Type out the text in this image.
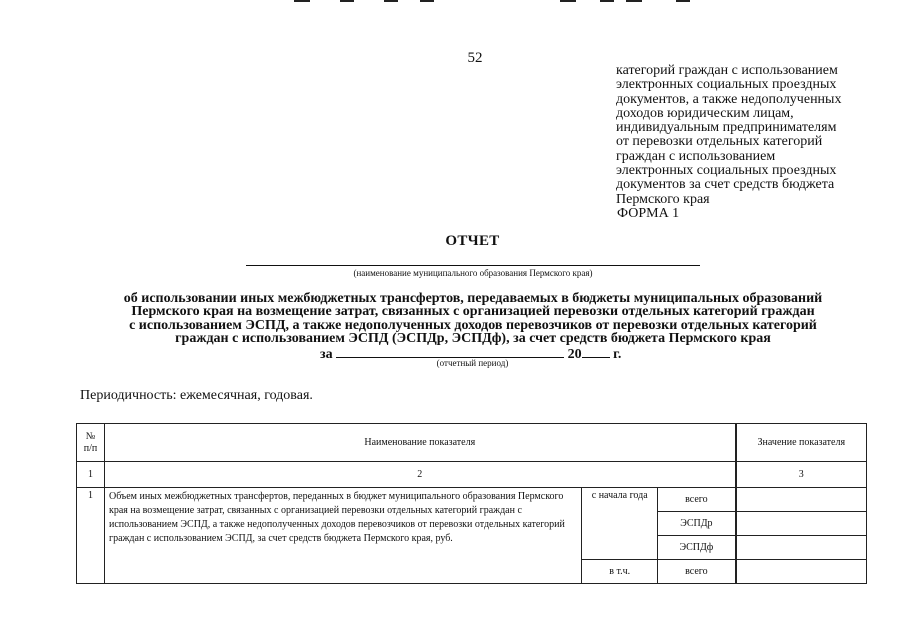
52
категорий граждан с использованием
электронных социальных проездных
документов, а также недополученных
доходов юридическим лицам,
индивидуальным предпринимателям
от перевозки отдельных категорий
граждан с использованием
электронных социальных проездных
документов за счет средств бюджета
Пермского края
ФОРМА 1
ОТЧЕТ
(наименование муниципального образования Пермского края)
об использовании иных межбюджетных трансфертов, передаваемых в бюджеты муниципальных образований
Пермского края на возмещение затрат, связанных с организацией перевозки отдельных категорий граждан
с использованием ЭСПД, а также недополученных доходов перевозчиков от перевозки отдельных категорий
граждан с использованием ЭСПД (ЭСПДр, ЭСПДф), за счет средств бюджета Пермского края
за	20 г.
(отчетный период)
Периодичность: ежемесячная, годовая.
№
п/п	Наименование показателя			Значение показателя
1	2			3
1	Объем иных межбюджетных трансфертов, переданных в бюджет муниципального образования Пермского края на возмещение затрат, связанных с организацией перевозки отдельных категорий граждан с использованием ЭСПД, а также недополученных доходов перевозчиков от перевозки отдельных категорий граждан с использованием ЭСПД, за счет средств бюджета Пермского края, руб.	с начала года	всего	
			ЭСПДр	
			ЭСПДф	
		в т.ч.	всего	
